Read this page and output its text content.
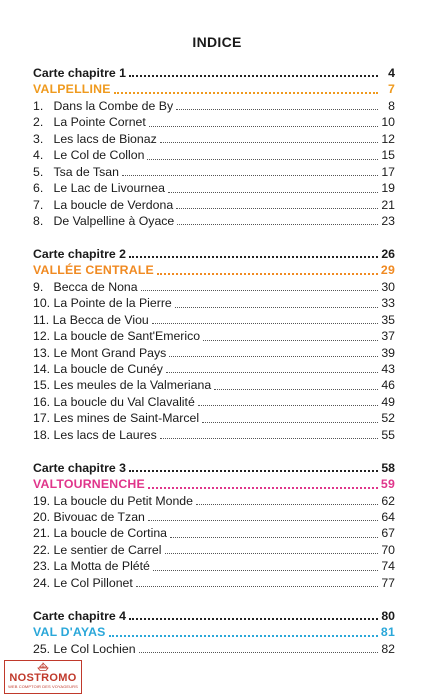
INDICE
Carte chapitre 1	4
VALPELLINE	7
1.   Dans la Combe de By	8
2.   La Pointe Cornet	10
3.   Les lacs de Bionaz	12
4.   Le Col de Collon	15
5.   Tsa de Tsan	17
6.   Le Lac de Livournea	19
7.   La boucle de Verdona	21
8.   De Valpelline à Oyace	23
Carte chapitre 2	26
VALLÉE CENTRALE	29
9.   Becca de Nona	30
10. La Pointe de la Pierre	33
11. La Becca de Viou	35
12. La boucle de Sant'Emerico	37
13. Le Mont Grand Pays	39
14. La boucle de Cunéy	43
15. Les meules de la Valmeriana	46
16. La boucle du Val Clavalité	49
17. Les mines de Saint-Marcel	52
18. Les lacs de Laures	55
Carte chapitre 3	58
VALTOURNENCHE	59
19. La boucle du Petit Monde	62
20. Bivouac de Tzan	64
21. La boucle de Cortina	67
22. Le sentier de Carrel	70
23. La Motta de Plété	74
24. Le Col Pillonet	77
Carte chapitre 4	80
VAL D'AYAS	81
25. Le Col Lochien	82
NOSTROMO
WEB COMPTOIR DES VOYAGEURS
